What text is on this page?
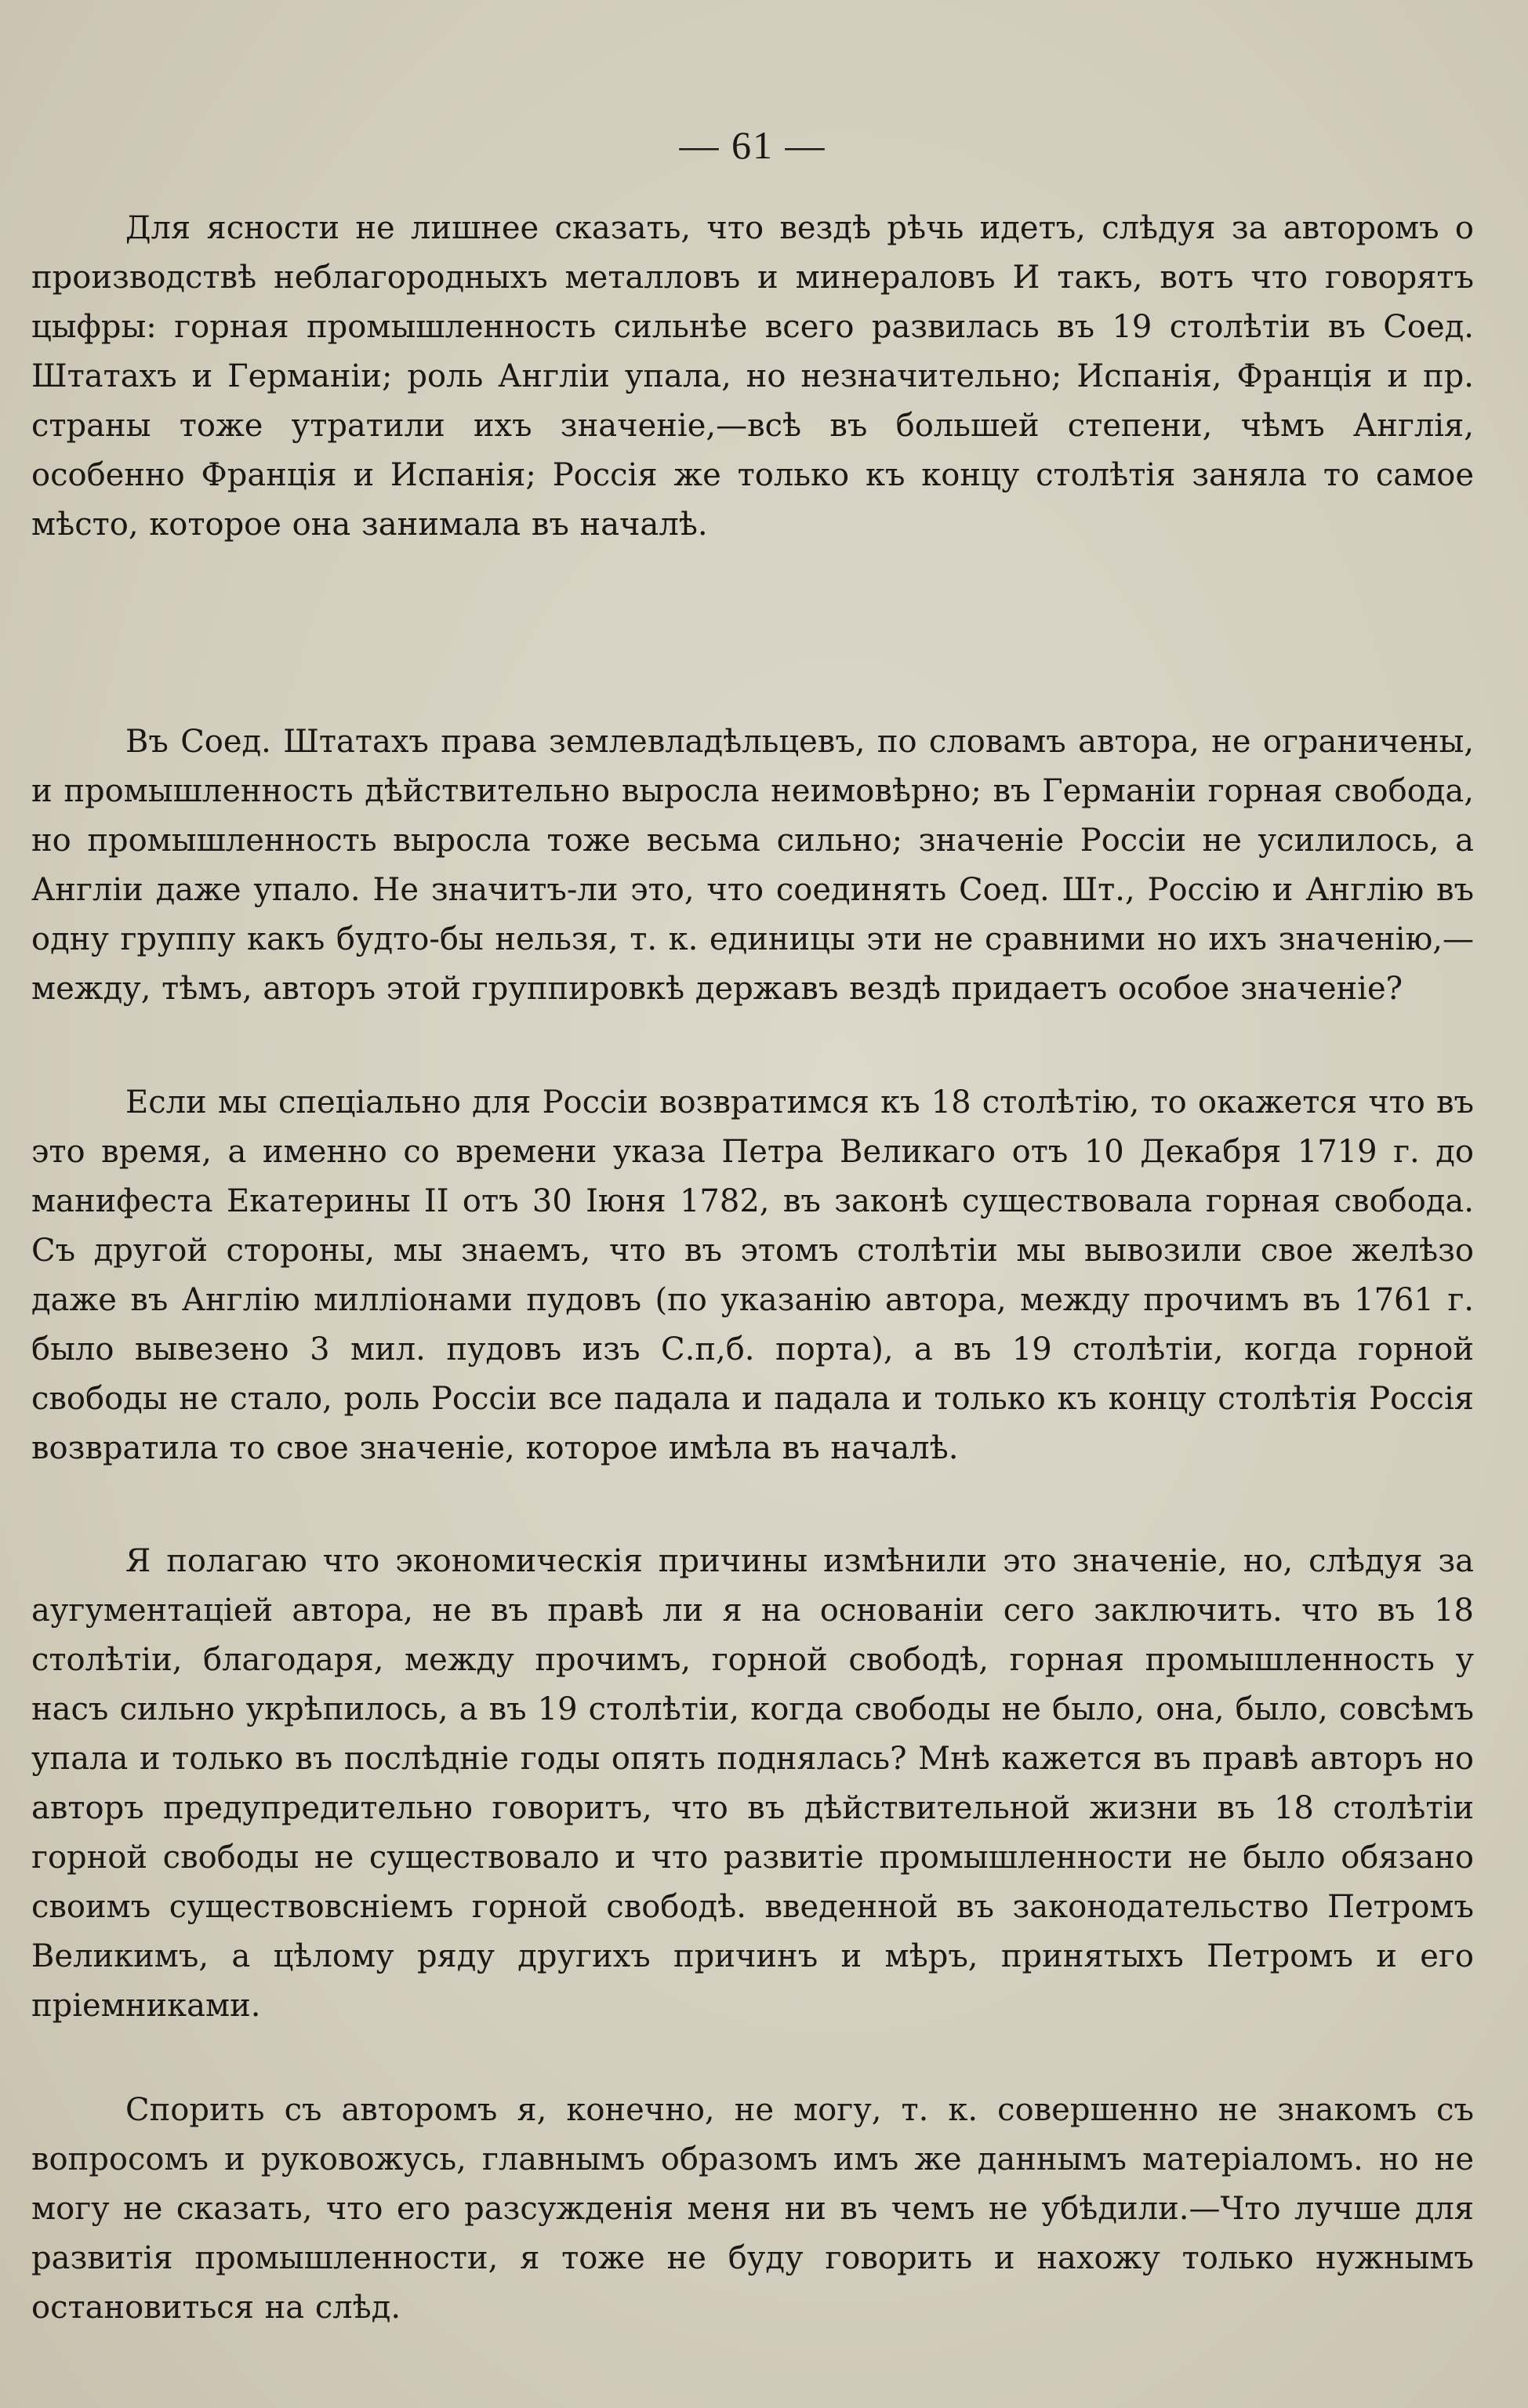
— 61 —

Для ясности не лишнее сказать, что вездѣ рѣчь идетъ, слѣдуя за авторомъ о производствѣ неблагородныхъ металловъ и минераловъ И такъ, вотъ что говорятъ цыфры: горная промышленность сильнѣе всего развилась въ 19 столѣтіи въ Соед. Штатахъ и Германіи; роль Англіи упала, но незначительно; Испанія, Франція и пр. страны тоже утратили ихъ значеніе,—всѣ въ большей степени, чѣмъ Англія, особенно Франція и Испанія; Россія же только къ концу столѣтія заняла то самое мѣсто, которое она занимала въ началѣ.

Въ Соед. Штатахъ права землевладѣльцевъ, по словамъ автора, не ограничены, и промышленность дѣйствительно выросла неимовѣрно; въ Германіи горная свобода, но промышленность выросла тоже весьма сильно; значеніе Россіи не усилилось, а Англіи даже упало. Не значитъ-ли это, что соединять Соед. Шт., Россію и Англію въ одну группу какъ будто-бы нельзя, т. к. единицы эти не сравними но ихъ значенію,—между, тѣмъ, авторъ этой группировкѣ державъ вездѣ придаетъ особое значеніе?

Если мы спеціально для Россіи возвратимся къ 18 столѣтію, то окажется что въ это время, а именно со времени указа Петра Великаго отъ 10 Декабря 1719 г. до манифеста Екатерины II отъ 30 Іюня 1782, въ законѣ существовала горная свобода. Съ другой стороны, мы знаемъ, что въ этомъ столѣтіи мы вывозили свое желѣзо даже въ Англію милліонами пудовъ (по указанію автора, между прочимъ въ 1761 г. было вывезено 3 мил. пудовъ изъ С.п,б. порта), а въ 19 столѣтіи, когда горной свободы не стало, роль Россіи все падала и падала и только къ концу столѣтія Россія возвратила то свое значеніе, которое имѣла въ началѣ.

Я полагаю что экономическія причины измѣнили это значеніе, но, слѣдуя за аугументаціей автора, не въ правѣ ли я на основаніи сего заключить. что въ 18 столѣтіи, благодаря, между прочимъ, горной свободѣ, горная промышленность у насъ сильно укрѣпилось, а въ 19 столѣтіи, когда свободы не было, она, было, совсѣмъ упала и только въ послѣдніе годы опять поднялась? Мнѣ кажется въ правѣ авторъ но авторъ предупредительно говоритъ, что въ дѣйствительной жизни въ 18 столѣтіи горной свободы не существовало и что развитіе промышленности не было обязано своимъ существовсніемъ горной свободѣ. введенной въ законодательство Петромъ Великимъ, а цѣлому ряду другихъ причинъ и мѣръ, принятыхъ Петромъ и его пріемниками.

Спорить съ авторомъ я, конечно, не могу, т. к. совершенно не знакомъ съ вопросомъ и руковожусь, главнымъ образомъ имъ же даннымъ матеріаломъ. но не могу не сказать, что его разсужденія меня ни въ чемъ не убѣдили.—Что лучше для развитія промышленности, я тоже не буду говорить и нахожу только нужнымъ остановиться на слѣд.
